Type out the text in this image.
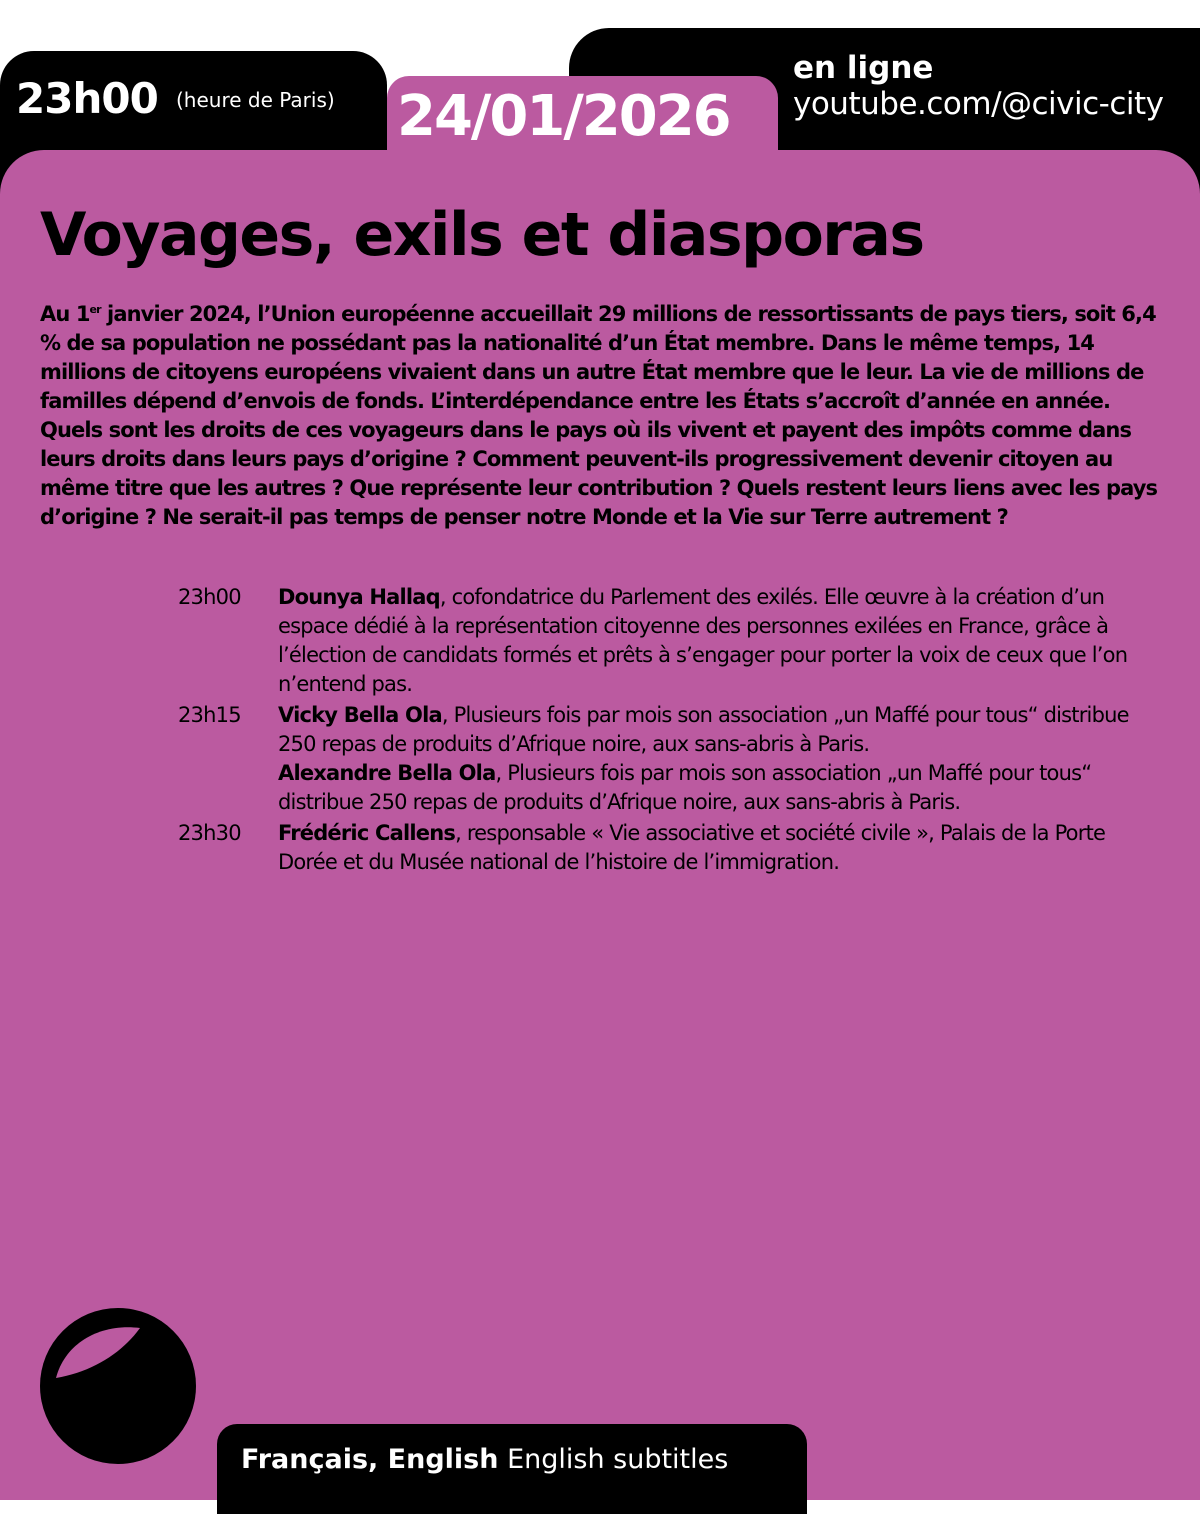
23h00 (heure de Paris) 24/01/2026
en ligne
youtube.com/@civic-city
Voyages, exils et diasporas

Au 1er janvier 2024, l’Union européenne accueillait 29 millions de ressortissants de pays tiers, soit 6,4 % de sa population ne possédant pas la nationalité d’un État membre. Dans le même temps, 14 millions de citoyens européens vivaient dans un autre État membre que le leur. La vie de millions de familles dépend d’envois de fonds. L’interdépendance entre les États s’accroît d’année en année. Quels sont les droits de ces voyageurs dans le pays où ils vivent et payent des impôts comme dans leurs droits dans leurs pays d’origine ? Comment peuvent-ils progressivement devenir citoyen au même titre que les autres ? Que représente leur contribution ? Quels restent leurs liens avec les pays d’origine ? Ne serait-il pas temps de penser notre Monde et la Vie sur Terre autrement ?

23h00	Dounya Hallaq, cofondatrice du Parlement des exilés. Elle œuvre à la création d’un espace dédié à la représentation citoyenne des personnes exilées en France, grâce à l’élection de candidats formés et prêts à s’engager pour porter la voix de ceux que l’on n’entend pas.

23h15	Vicky Bella Ola, Plusieurs fois par mois son association „un Maffé pour tous“ distribue 250 repas de produits d’Afrique noire, aux sans-abris à Paris.

Alexandre Bella Ola, Plusieurs fois par mois son association „un Maffé pour tous“ distribue 250 repas de produits d’Afrique noire, aux sans-abris à Paris.

23h30	Frédéric Callens, responsable « Vie associative et société civile », Palais de la Porte Dorée et du Musée national de l’histoire de l’immigration.

Français, English English subtitles
